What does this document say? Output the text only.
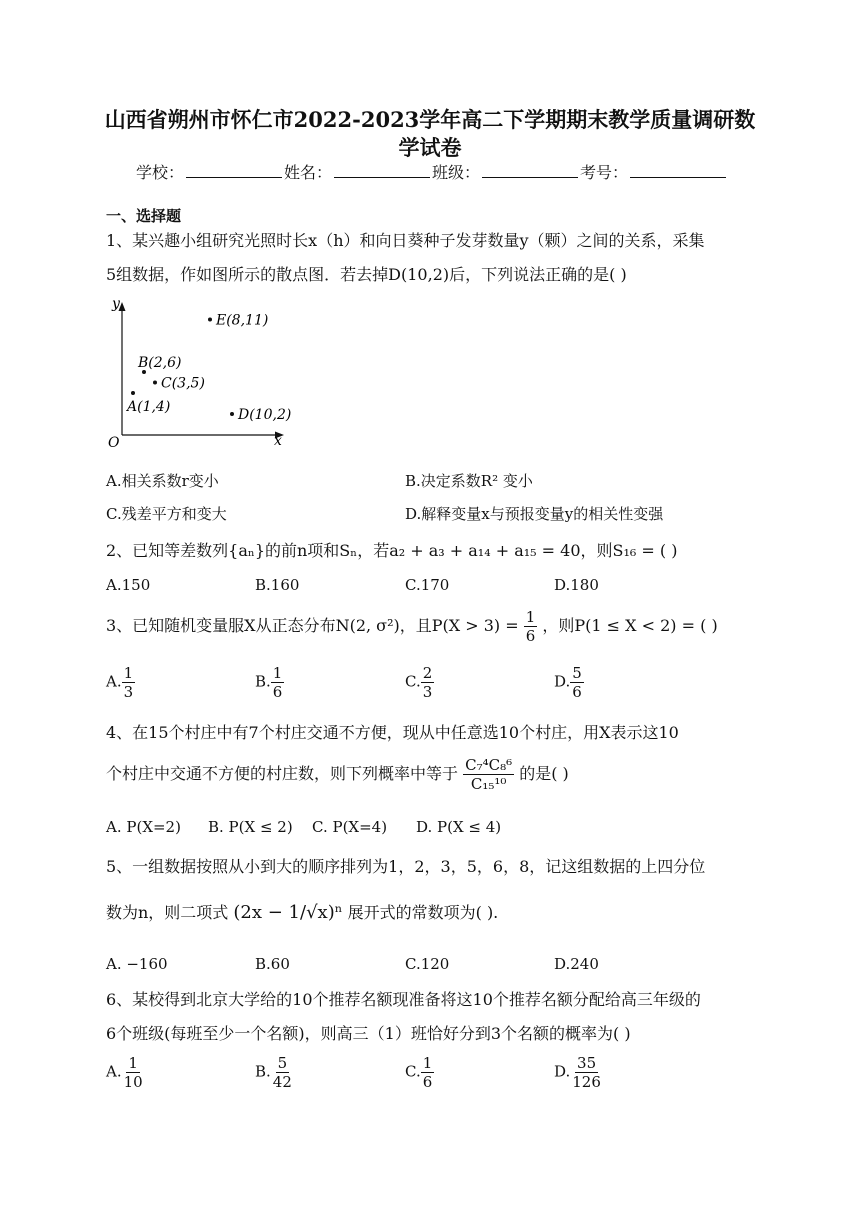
山西省朔州市怀仁市2022-2023学年高二下学期期末教学质量调研数
学试卷
学校：	姓名：	班级：	考号：
一、选择题
1、某兴趣小组研究光照时长x（h）和向日葵种子发芽数量y（颗）之间的关系，采集
5组数据，作如图所示的散点图．若去掉D(10,2)后，下列说法正确的是( )
y
x
O
A(1,4)
B(2,6)
C(3,5)
D(10,2)
E(8,11)
A.相关系数r变小	B.决定系数R² 变小
C.残差平方和变大	D.解释变量x与预报变量y的相关性变强
2、已知等差数列{aₙ}的前n项和Sₙ，若a₂ + a₃ + a₁₄ + a₁₅ = 40，则S₁₆ = ( )
A.150	B.160	C.170	D.180
3、已知随机变量服X从正态分布N(2, σ²)，且$P(X > 3) = \frac{1}{6}$ ，则P(1 ≤ X < 2) = ( )
A. $\frac{1}{3}$	B. $\frac{1}{6}$	C. $\frac{2}{3}$	D. $\frac{5}{6}$
4、在15个村庄中有7个村庄交通不方便，现从中任意选10个村庄，用X表示这10
个村庄中交通不方便的村庄数，则下列概率中等于 $\frac{\text{C₇⁴C₈⁶}}{\text{C₁₅¹⁰}}$ 的是( )
A. P(X=2) B. P(X ≤ 2) C. P(X=4) D. P(X ≤ 4)
5、一组数据按照从小到大的顺序排列为1，2，3，5，6，8，记这组数据的上四分位
数为n，则二项式 (2x − 1/√x)ⁿ 展开式的常数项为( ).
A. −160	B.60	C.120	D.240
6、某校得到北京大学给的10个推荐名额现准备将这10个推荐名额分配给高三年级的
6个班级(每班至少一个名额)，则高三（1）班恰好分到3个名额的概率为( )
A. $\frac{1}{10}$	B. $\frac{5}{42}$	C. $\frac{1}{6}$	D. $\frac{35}{126}$
